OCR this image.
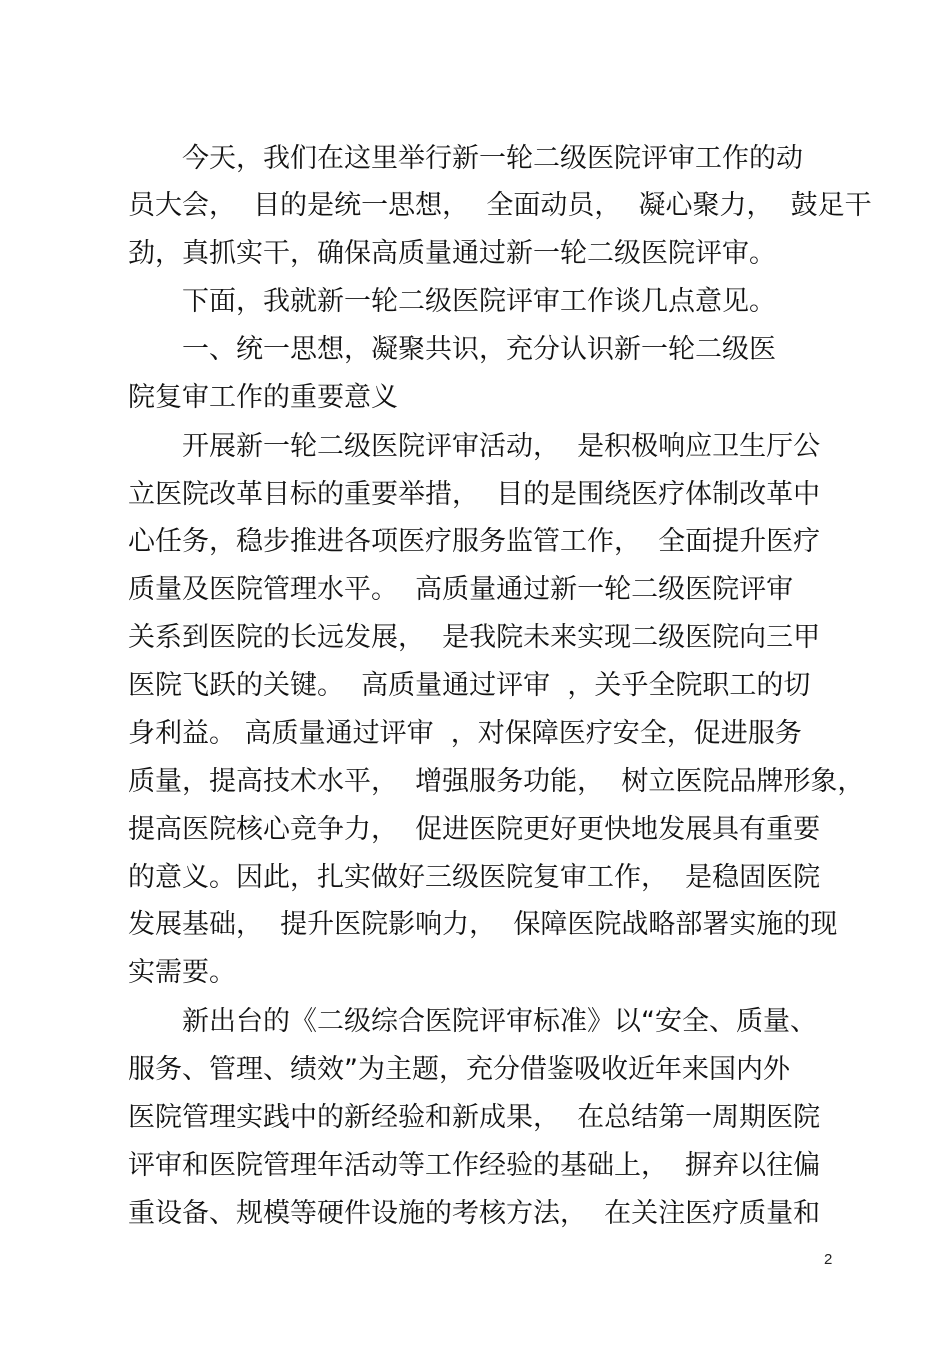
　　今天，我们在这里举行新一轮二级医院评审工作的动

员大会，  目的是统一思想，  全面动员，  凝心聚力，  鼓足干

劲，真抓实干，确保高质量通过新一轮二级医院评审。

　　下面，我就新一轮二级医院评审工作谈几点意见。

　　一、统一思想，凝聚共识，充分认识新一轮二级医

院复审工作的重要意义

　　开展新一轮二级医院评审活动，  是积极响应卫生厅公

立医院改革目标的重要举措，  目的是围绕医疗体制改革中

心任务，稳步推进各项医疗服务监管工作，  全面提升医疗

质量及医院管理水平。  高质量通过新一轮二级医院评审

关系到医院的长远发展，  是我院未来实现二级医院向三甲

医院飞跃的关键。  高质量通过评审  ，关乎全院职工的切

身利益。 高质量通过评审  ，对保障医疗安全，促进服务

质量，提高技术水平，  增强服务功能，  树立医院品牌形象，

提高医院核心竞争力，  促进医院更好更快地发展具有重要

的意义。因此，扎实做好三级医院复审工作，  是稳固医院

发展基础，  提升医院影响力，  保障医院战略部署实施的现

实需要。

　　新出台的《二级综合医院评审标准》以“安全、质量、

服务、管理、绩效”为主题，充分借鉴吸收近年来国内外

医院管理实践中的新经验和新成果，  在总结第一周期医院

评审和医院管理年活动等工作经验的基础上，  摒弃以往偏

重设备、规模等硬件设施的考核方法，  在关注医疗质量和

2
